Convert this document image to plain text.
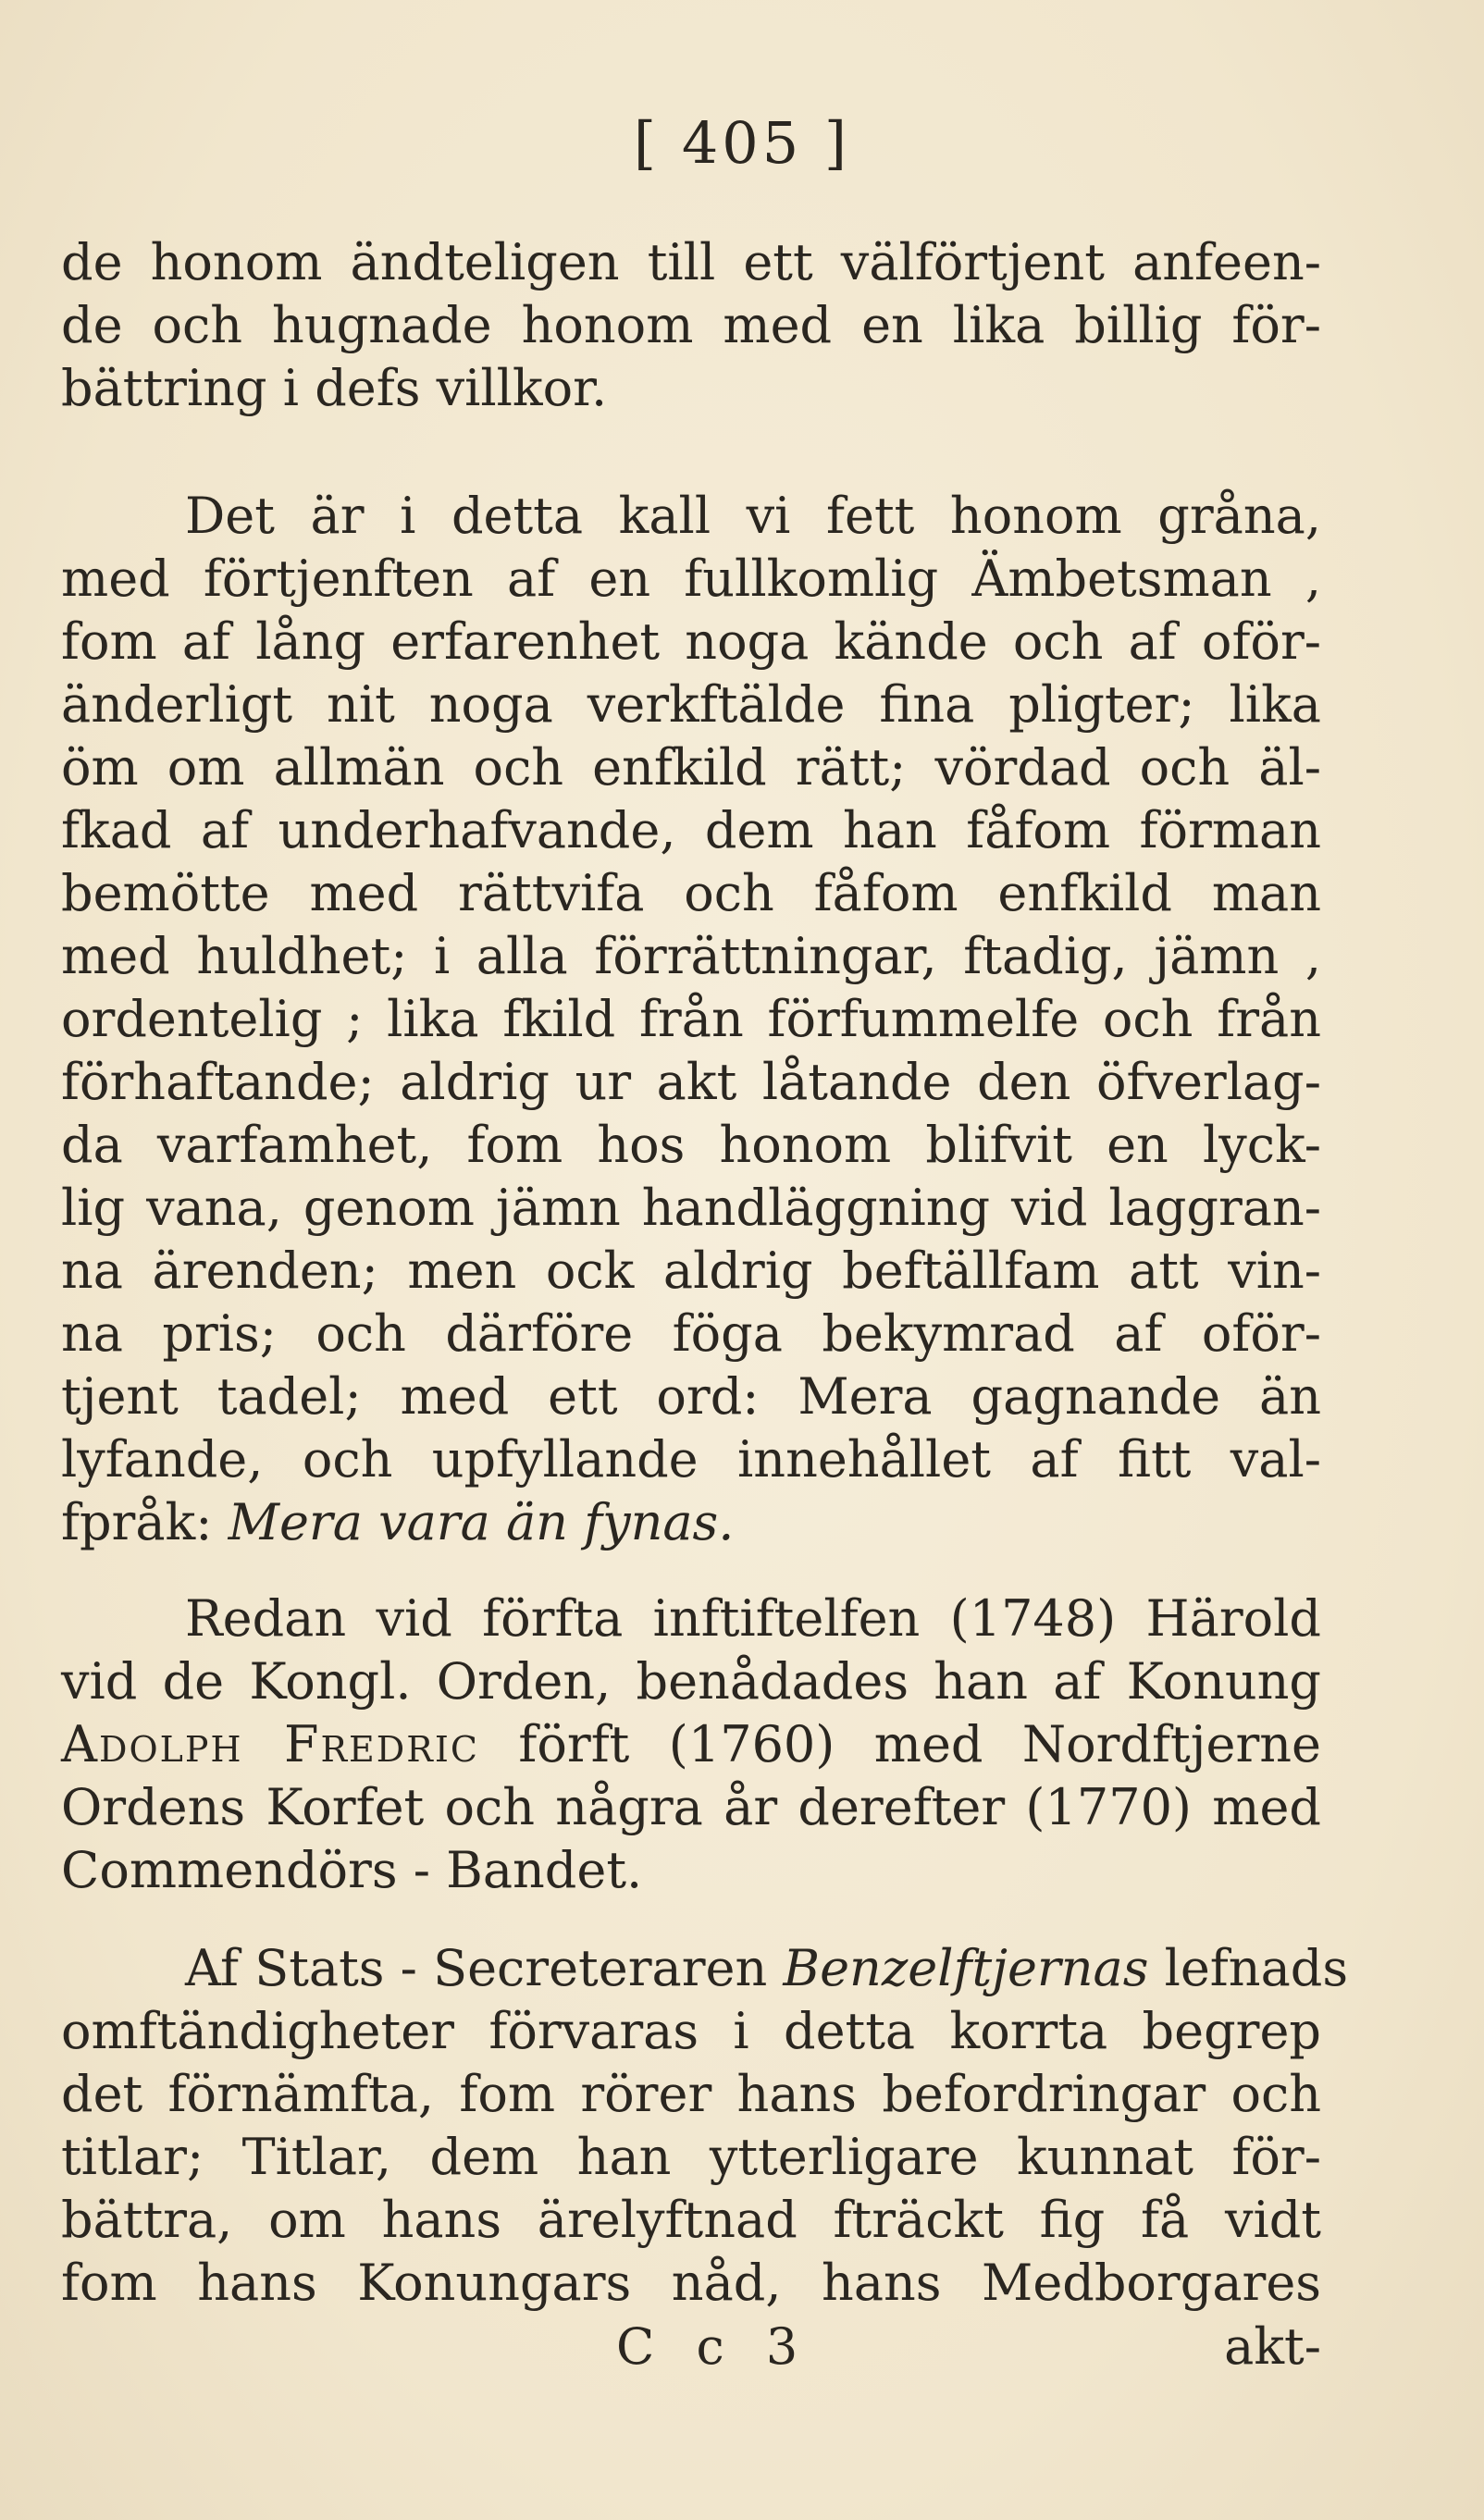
[ 405 ]
de honom ändteligen till ett välförtjent anfeen-
de och hugnade honom med en lika billig för-
bättring i defs villkor.
Det är i detta kall vi fett honom gråna,
med förtjenften af en fullkomlig Ämbetsman ,
fom af lång erfarenhet noga kände och af oför-
änderligt nit noga verkftälde fina pligter; lika
öm om allmän och enfkild rätt; vördad och äl-
fkad af underhafvande, dem han fåfom förman
bemötte med rättvifa och fåfom enfkild man
med huldhet; i alla förrättningar, ftadig, jämn ,
ordentelig ; lika fkild från förfummelfe och från
förhaftande; aldrig ur akt låtande den öfverlag-
da varfamhet, fom hos honom blifvit en lyck-
lig vana, genom jämn handläggning vid laggran-
na ärenden; men ock aldrig beftällfam att vin-
na pris; och därföre föga bekymrad af oför-
tjent tadel; med ett ord: Mera gagnande än
lyfande, och upfyllande innehållet af fitt val-
fpråk: Mera vara än fynas.
Redan vid förfta inftiftelfen (1748) Härold
vid de Kongl. Orden, benådades han af Konung
Adolph Fredric förft (1760) med Nordftjerne
Ordens Korfet och några år derefter (1770) med
Commendörs - Bandet.
Af Stats - Secreteraren Benzelftjernas lefnads
omftändigheter förvaras i detta korrta begrep
det förnämfta, fom rörer hans befordringar och
titlar; Titlar, dem han ytterligare kunnat för-
bättra, om hans ärelyftnad fträckt fig få vidt
fom hans Konungars nåd, hans Medborgares
C c 3	akt-
